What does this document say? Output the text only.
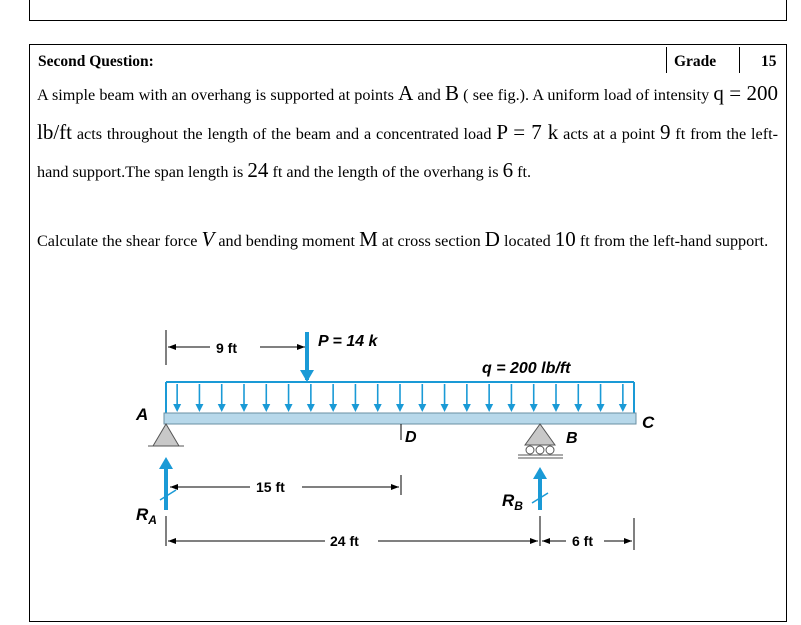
Second Question:	Grade	15
A simple beam with an overhang is supported at points A and B ( see fig.). A uniform load of intensity q = 200 lb/ft acts throughout the length of the beam and a concentrated load P = 7 k acts at a point 9 ft from the left-hand support.The span length is 24 ft and the length of the overhang is 6 ft.
Calculate the shear force V and bending moment M at cross section D located 10 ft from the left-hand support.
9 ft	P = 14 k
q = 200 lb/ft
A	C
D	B
$R_A$
$R_B$
15 ft
24 ft	6 ft
